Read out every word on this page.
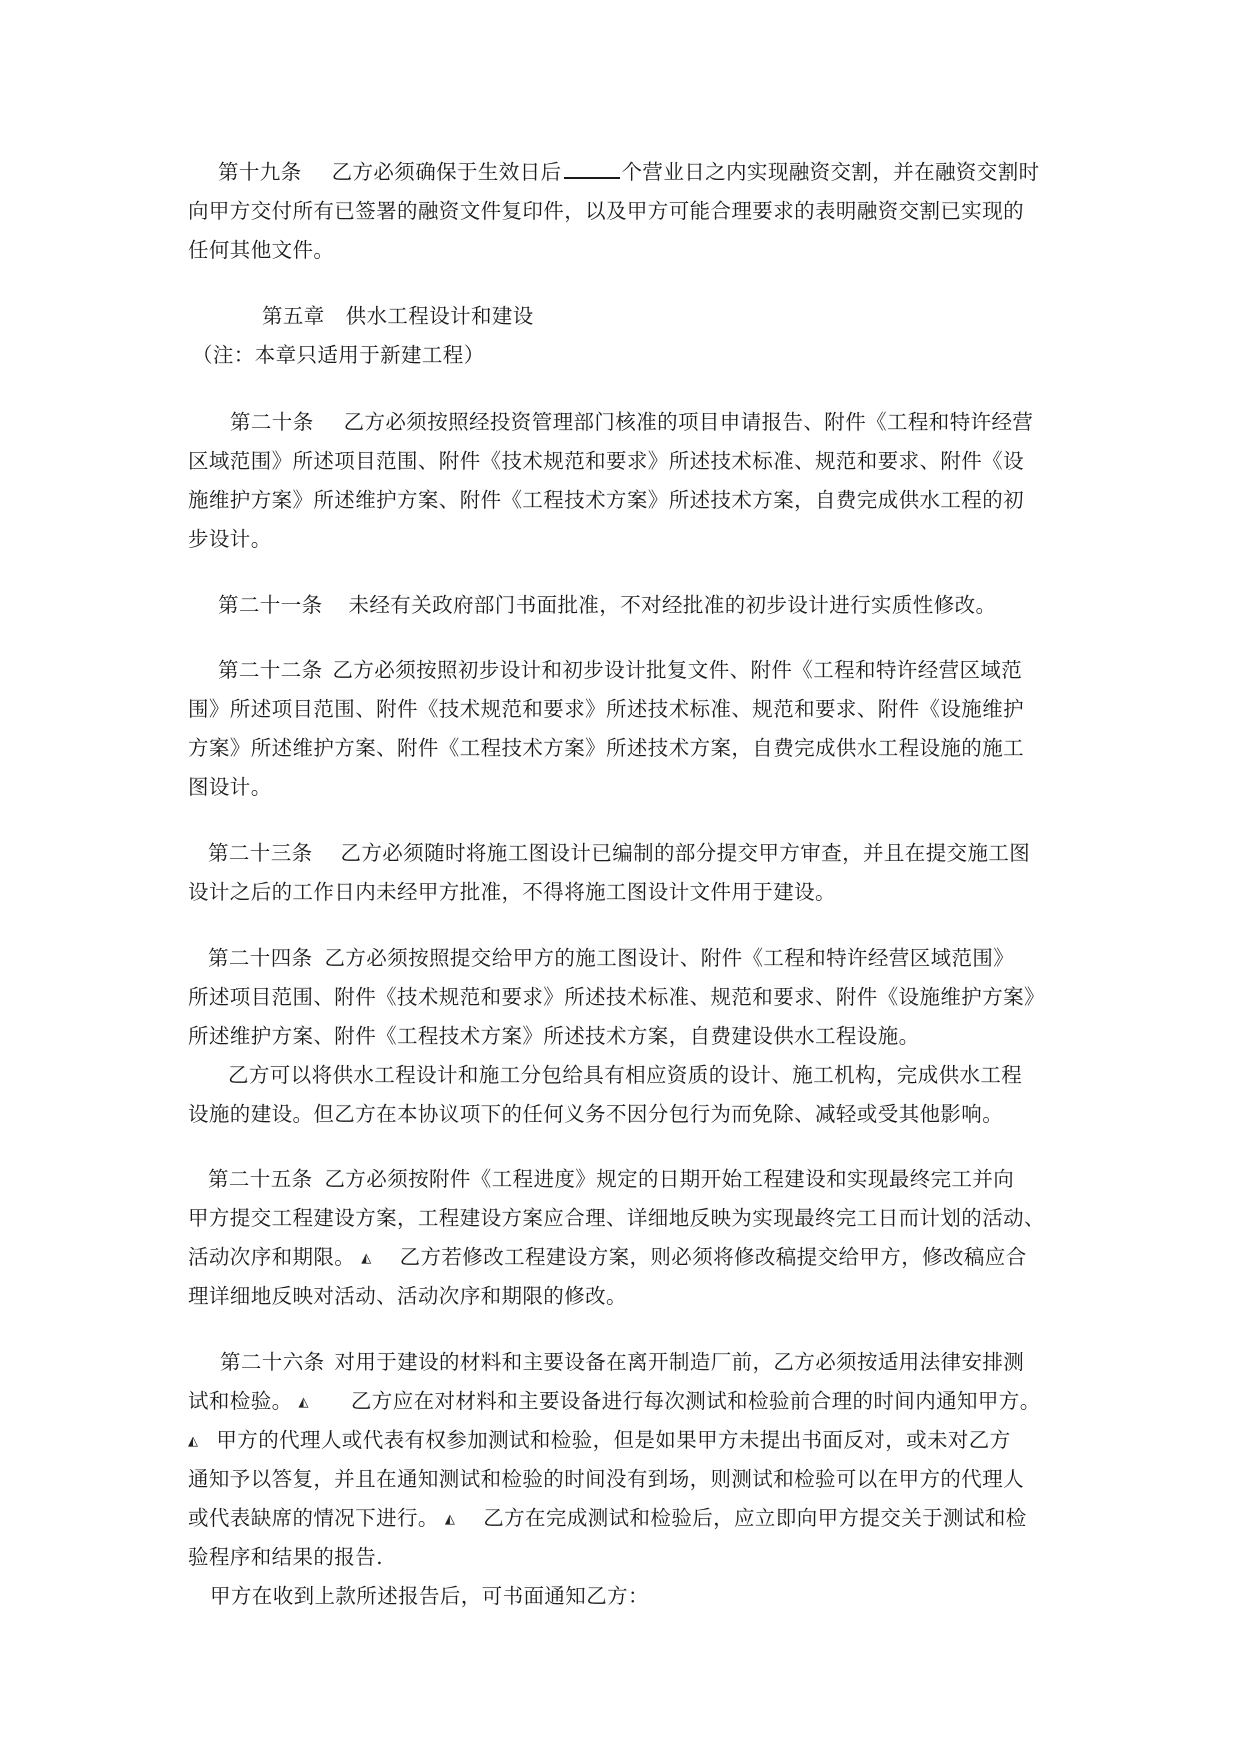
第十九条 乙方必须确保于生效日后	个营业日之内实现融资交割，并在融资交割时
向甲方交付所有已签署的融资文件复印件，以及甲方可能合理要求的表明融资交割已实现的
任何其他文件。
第五章　供水工程设计和建设
（注：本章只适用于新建工程）
第二十条 乙方必须按照经投资管理部门核准的项目申请报告、附件《工程和特许经营
区域范围》所述项目范围、附件《技术规范和要求》所述技术标准、规范和要求、附件《设
施维护方案》所述维护方案、附件《工程技术方案》所述技术方案，自费完成供水工程的初
步设计。
第二十一条 未经有关政府部门书面批准，不对经批准的初步设计进行实质性修改。
第二十二条 乙方必须按照初步设计和初步设计批复文件、附件《工程和特许经营区域范
围》所述项目范围、附件《技术规范和要求》所述技术标准、规范和要求、附件《设施维护
方案》所述维护方案、附件《工程技术方案》所述技术方案，自费完成供水工程设施的施工
图设计。
第二十三条 乙方必须随时将施工图设计已编制的部分提交甲方审查，并且在提交施工图
设计之后的工作日内未经甲方批准，不得将施工图设计文件用于建设。
第二十四条 乙方必须按照提交给甲方的施工图设计、附件《工程和特许经营区域范围》
所述项目范围、附件《技术规范和要求》所述技术标准、规范和要求、附件《设施维护方案》
所述维护方案、附件《工程技术方案》所述技术方案，自费建设供水工程设施。
乙方可以将供水工程设计和施工分包给具有相应资质的设计、施工机构，完成供水工程
设施的建设。但乙方在本协议项下的任何义务不因分包行为而免除、减轻或受其他影响。
第二十五条 乙方必须按附件《工程进度》规定的日期开始工程建设和实现最终完工并向
甲方提交工程建设方案，工程建设方案应合理、详细地反映为实现最终完工日而计划的活动、
活动次序和期限。 ◭ 乙方若修改工程建设方案，则必须将修改稿提交给甲方，修改稿应合
理详细地反映对活动、活动次序和期限的修改。
第二十六条 对用于建设的材料和主要设备在离开制造厂前，乙方必须按适用法律安排测
试和检验。 ◭ 乙方应在对材料和主要设备进行每次测试和检验前合理的时间内通知甲方。
◭ 甲方的代理人或代表有权参加测试和检验，但是如果甲方未提出书面反对，或未对乙方
通知予以答复，并且在通知测试和检验的时间没有到场，则测试和检验可以在甲方的代理人
或代表缺席的情况下进行。 ◭ 乙方在完成测试和检验后，应立即向甲方提交关于测试和检
验程序和结果的报告.
甲方在收到上款所述报告后，可书面通知乙方：
